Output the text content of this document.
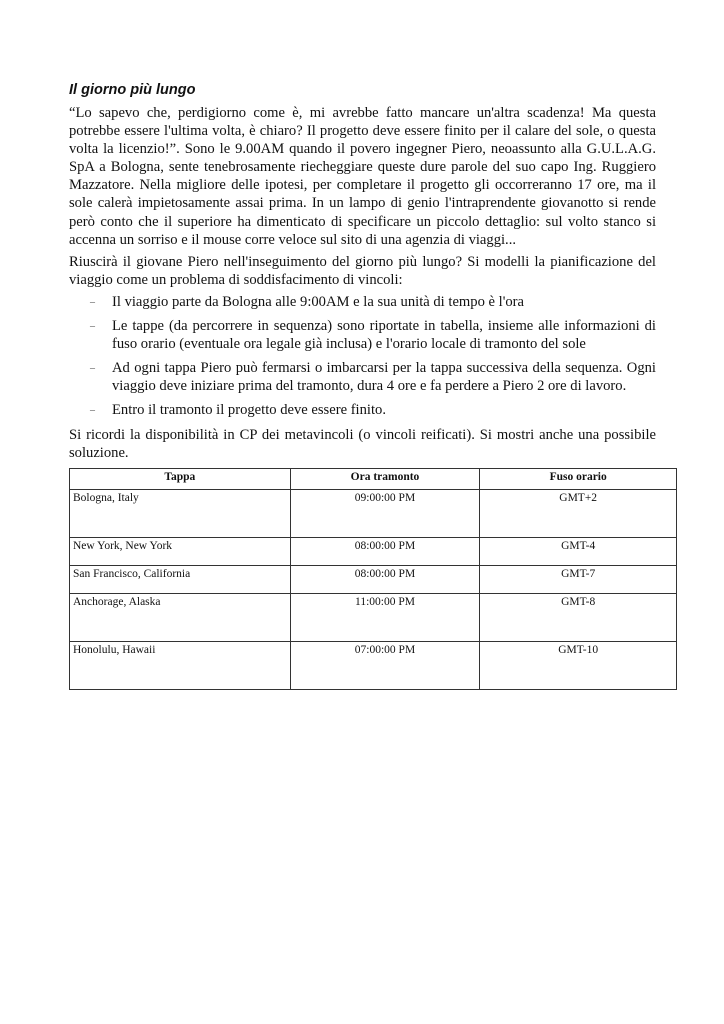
Il giorno più lungo

“Lo sapevo che, perdigiorno come è, mi avrebbe fatto mancare un'altra scadenza! Ma questa potrebbe essere l'ultima volta, è chiaro? Il progetto deve essere finito per il calare del sole, o questa volta la licenzio!”. Sono le 9.00AM quando il povero ingegner Piero, neoassunto alla G.U.L.A.G. SpA a Bologna, sente tenebrosamente riecheggiare queste dure parole del suo capo Ing. Ruggiero Mazzatore. Nella migliore delle ipotesi, per completare il progetto gli occorreranno 17 ore, ma il sole calerà impietosamente assai prima. In un lampo di genio l'intraprendente giovanotto si rende però conto che il superiore ha dimenticato di specificare un piccolo dettaglio: sul volto stanco si accenna un sorriso e il mouse corre veloce sul sito di una agenzia di viaggi...

Riuscirà il giovane Piero nell'inseguimento del giorno più lungo? Si modelli la pianificazione del viaggio come un problema di soddisfacimento di vincoli:

– Il viaggio parte da Bologna alle 9:00AM e la sua unità di tempo è l'ora
– Le tappe (da percorrere in sequenza) sono riportate in tabella, insieme alle informazioni di fuso orario (eventuale ora legale già inclusa) e l'orario locale di tramonto del sole
– Ad ogni tappa Piero può fermarsi o imbarcarsi per la tappa successiva della sequenza. Ogni viaggio deve iniziare prima del tramonto, dura 4 ore e fa perdere a Piero 2 ore di lavoro.
– Entro il tramonto il progetto deve essere finito.

Si ricordi la disponibilità in CP dei metavincoli (o vincoli reificati). Si mostri anche una possibile soluzione.

Tappa	Ora tramonto	Fuso orario
Bologna, Italy	09:00:00 PM	GMT+2
New York, New York	08:00:00 PM	GMT-4
San Francisco, California	08:00:00 PM	GMT-7
Anchorage, Alaska	11:00:00 PM	GMT-8
Honolulu, Hawaii	07:00:00 PM	GMT-10
